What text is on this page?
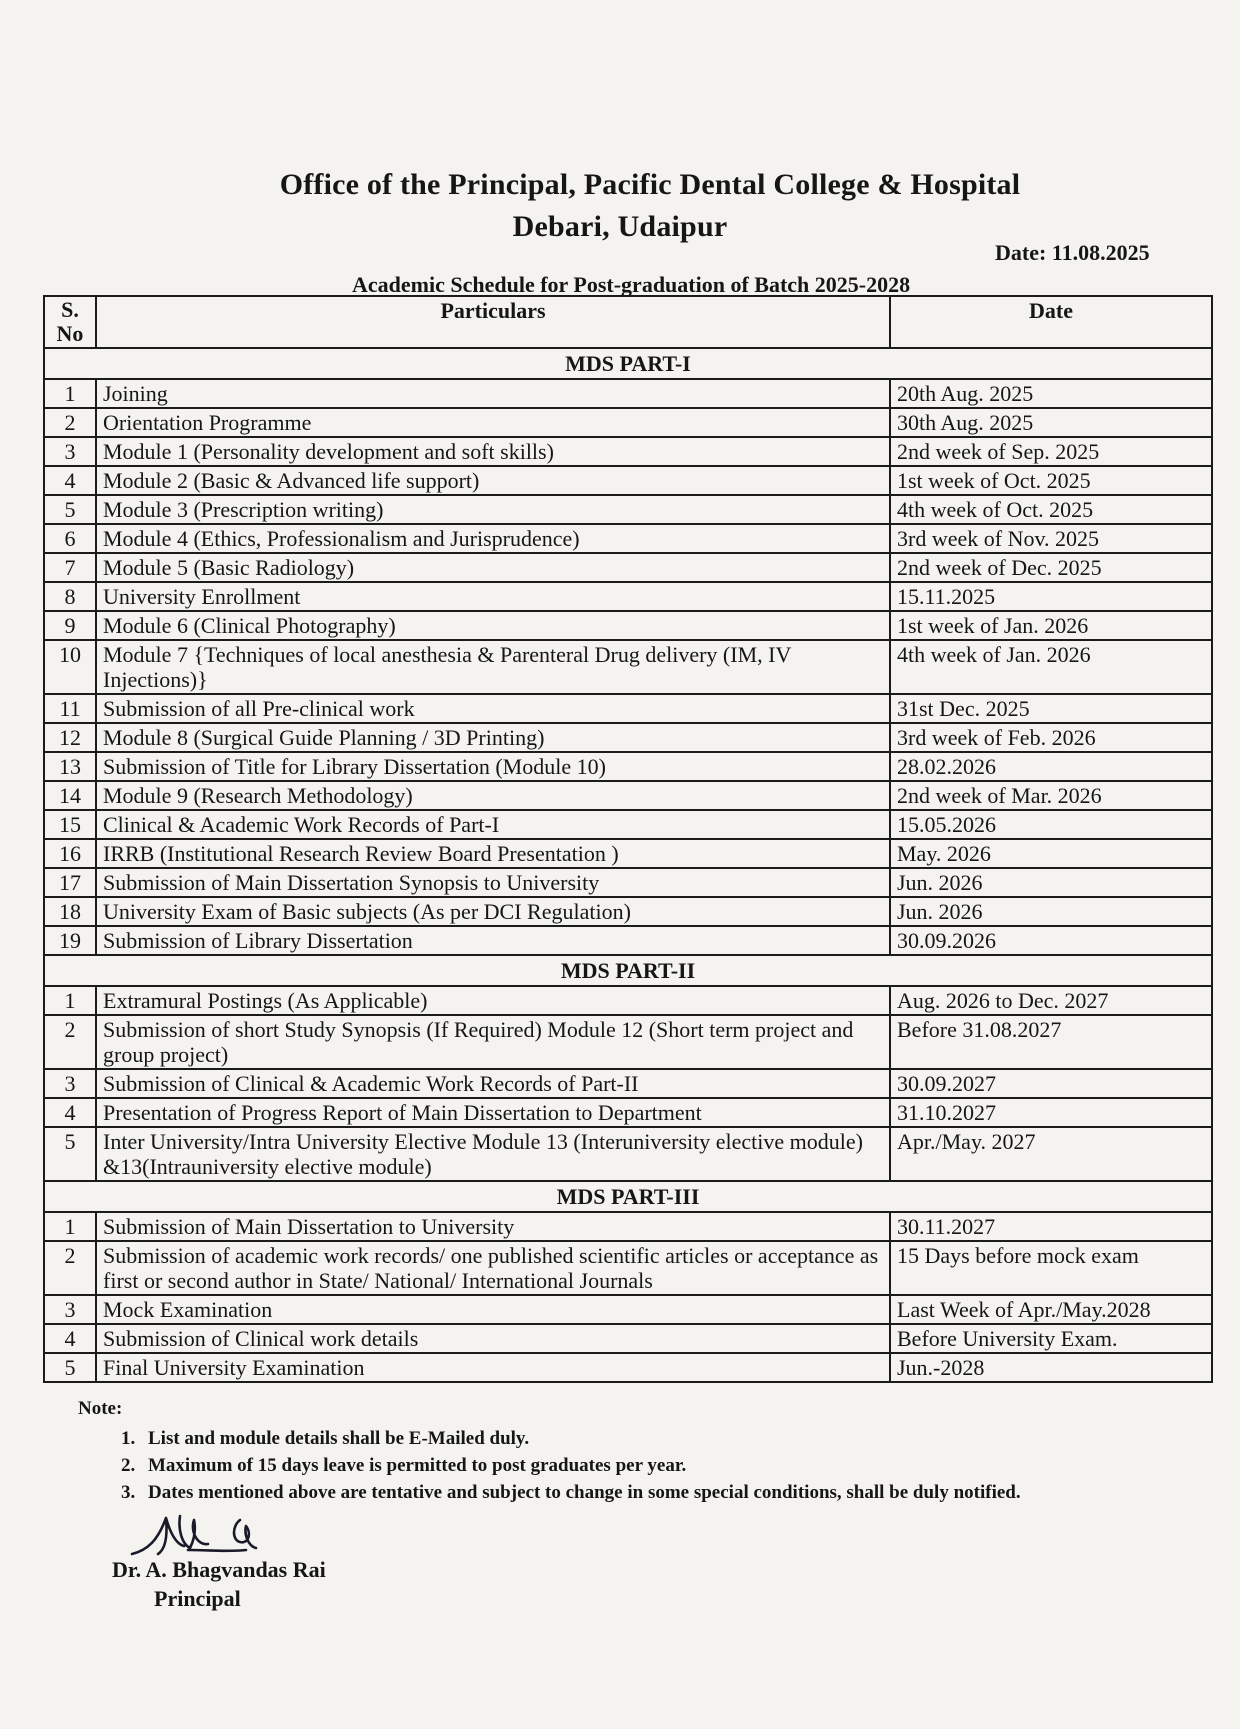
Office of the Principal, Pacific Dental College & Hospital
Debari, Udaipur
Date: 11.08.2025
Academic Schedule for Post-graduation of Batch 2025-2028
S. No	Particulars	Date
MDS PART-I		
1	Joining	20th Aug. 2025
2	Orientation Programme	30th Aug. 2025
3	Module 1 (Personality development and soft skills)	2nd week of Sep. 2025
4	Module 2 (Basic & Advanced life support)	1st week of Oct. 2025
5	Module 3 (Prescription writing)	4th week of Oct. 2025
6	Module 4 (Ethics, Professionalism and Jurisprudence)	3rd week of Nov. 2025
7	Module 5 (Basic Radiology)	2nd week of Dec. 2025
8	University Enrollment	15.11.2025
9	Module 6 (Clinical Photography)	1st week of Jan. 2026
10	Module 7 {Techniques of local anesthesia & Parenteral Drug delivery (IM, IV Injections)}	4th week of Jan. 2026
11	Submission of all Pre-clinical work	31st Dec. 2025
12	Module 8 (Surgical Guide Planning / 3D Printing)	3rd week of Feb. 2026
13	Submission of Title for Library Dissertation (Module 10)	28.02.2026
14	Module 9 (Research Methodology)	2nd week of Mar. 2026
15	Clinical & Academic Work Records of Part-I	15.05.2026
16	IRRB (Institutional Research Review Board Presentation )	May. 2026
17	Submission of Main Dissertation Synopsis to University	Jun. 2026
18	University Exam of Basic subjects (As per DCI Regulation)	Jun. 2026
19	Submission of Library Dissertation	30.09.2026
MDS PART-II		
1	Extramural Postings (As Applicable)	Aug. 2026 to Dec. 2027
2	Submission of short Study Synopsis (If Required) Module 12 (Short term project and group project)	Before 31.08.2027
3	Submission of Clinical & Academic Work Records of Part-II	30.09.2027
4	Presentation of Progress Report of Main Dissertation to Department	31.10.2027
5	Inter University/Intra University Elective Module 13 (Interuniversity elective module) &13(Intrauniversity elective module)	Apr./May. 2027
MDS PART-III		
1	Submission of Main Dissertation to University	30.11.2027
2	Submission of academic work records/ one published scientific articles or acceptance as first or second author in State/ National/ International Journals	15 Days before mock exam
3	Mock Examination	Last Week of Apr./May.2028
4	Submission of Clinical work details	Before University Exam.
5	Final University Examination	Jun.-2028
Note:
1. List and module details shall be E-Mailed duly.
2. Maximum of 15 days leave is permitted to post graduates per year.
3. Dates mentioned above are tentative and subject to change in some special conditions, shall be duly notified.
Dr. A. Bhagvandas Rai
Principal
